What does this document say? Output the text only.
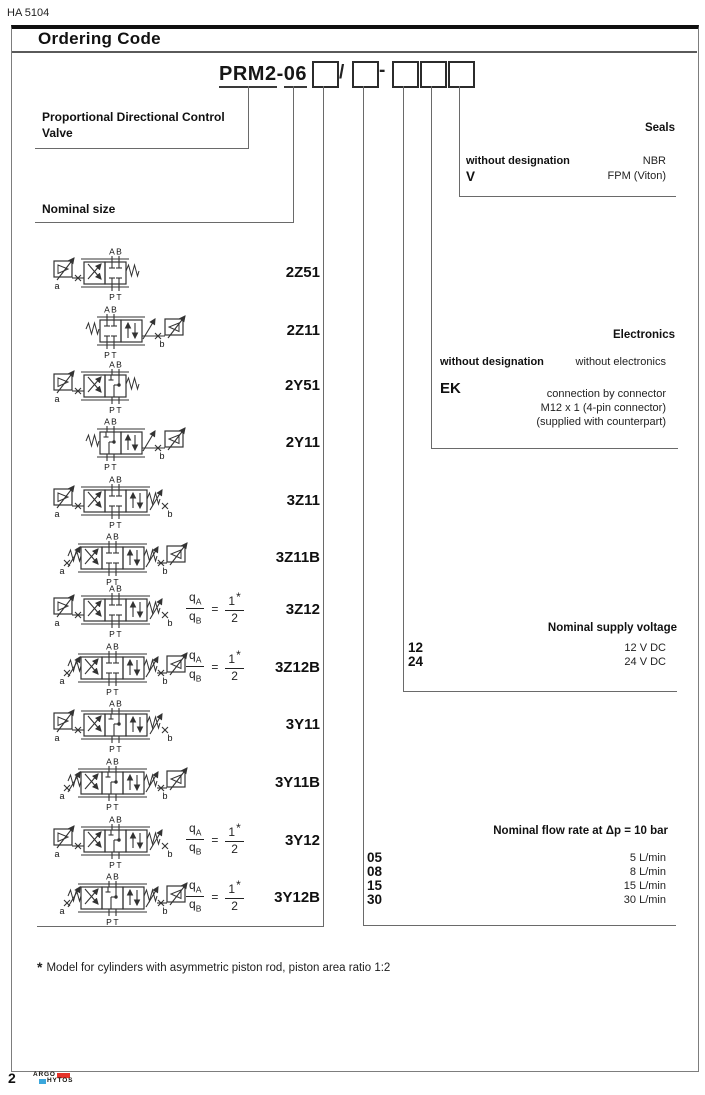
HA 5104
Ordering Code
PRM2-06 / -
Proportional Directional Control Valve
Nominal size
A B
P T
a
2Z51
A B
P T
b
2Z11
A B
P T
a
2Y51
A B
P T
b
2Y11
A B
P T
a	b
3Z11
A B
P T
a	b
3Z11B
A B
P T
a	b $\frac{q_A}{q_B} = \frac{1*}{2}$	3Z12
A B
P T
a	b $\frac{q_A}{q_B} = \frac{1*}{2}$	3Z12B
A B
P T
a	b
3Y11
A B
P T
a	b
3Y11B
A B
P T
a	b $\frac{q_A}{q_B} = \frac{1*}{2}$	3Y12
A B
P T
a	b $\frac{q_A}{q_B} = \frac{1*}{2}$	3Y12B
Seals
without designation	NBR
V	FPM (Viton)
Electronics
without designation	without electronics
EK	connection by connector
M12 x 1 (4-pin connector)
(supplied with counterpart)
Nominal supply voltage
12	12 V DC
24	24 V DC
Nominal flow rate at Δp = 10 bar
05	5 L/min
08	8 L/min
15	15 L/min
30	30 L/min
* Model for cylinders with asymmetric piston rod, piston area ratio 1:2
2	ARGO
HYTOS
